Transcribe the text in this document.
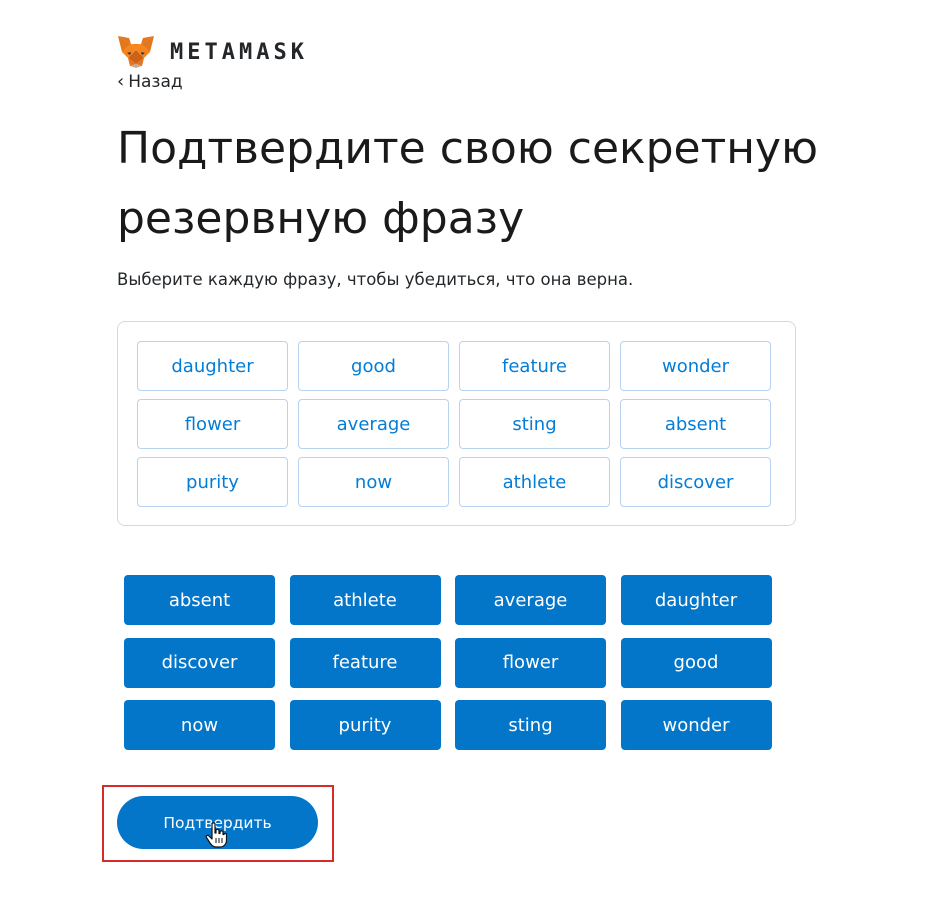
METAMASK
‹ Назад
Подтвердите свою секретную резервную фразу

Выберите каждую фразу, чтобы убедиться, что она верна.

daughter	good	feature	wonder
flower	average	sting	absent
purity	now	athlete	discover
absent	athlete	average	daughter
discover	feature	flower	good
now	purity	sting	wonder
Подтвердить
